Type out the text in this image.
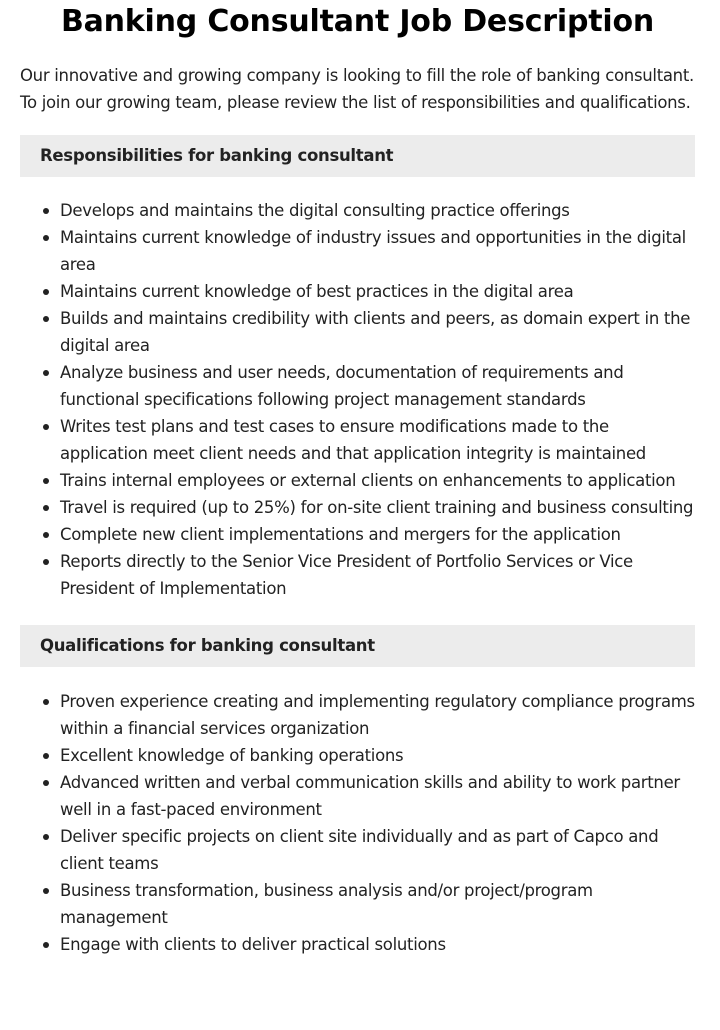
Banking Consultant Job Description

Our innovative and growing company is looking to fill the role of banking consultant. To join our growing team, please review the list of responsibilities and qualifications.

Responsibilities for banking consultant
Develops and maintains the digital consulting practice offerings
Maintains current knowledge of industry issues and opportunities in the digital area
Maintains current knowledge of best practices in the digital area
Builds and maintains credibility with clients and peers, as domain expert in the digital area
Analyze business and user needs, documentation of requirements and functional specifications following project management standards
Writes test plans and test cases to ensure modifications made to the application meet client needs and that application integrity is maintained
Trains internal employees or external clients on enhancements to application
Travel is required (up to 25%) for on-site client training and business consulting
Complete new client implementations and mergers for the application
Reports directly to the Senior Vice President of Portfolio Services or Vice President of Implementation
Qualifications for banking consultant
Proven experience creating and implementing regulatory compliance programs within a financial services organization
Excellent knowledge of banking operations
Advanced written and verbal communication skills and ability to work partner well in a fast-paced environment
Deliver specific projects on client site individually and as part of Capco and client teams
Business transformation, business analysis and/or project/program management
Engage with clients to deliver practical solutions
